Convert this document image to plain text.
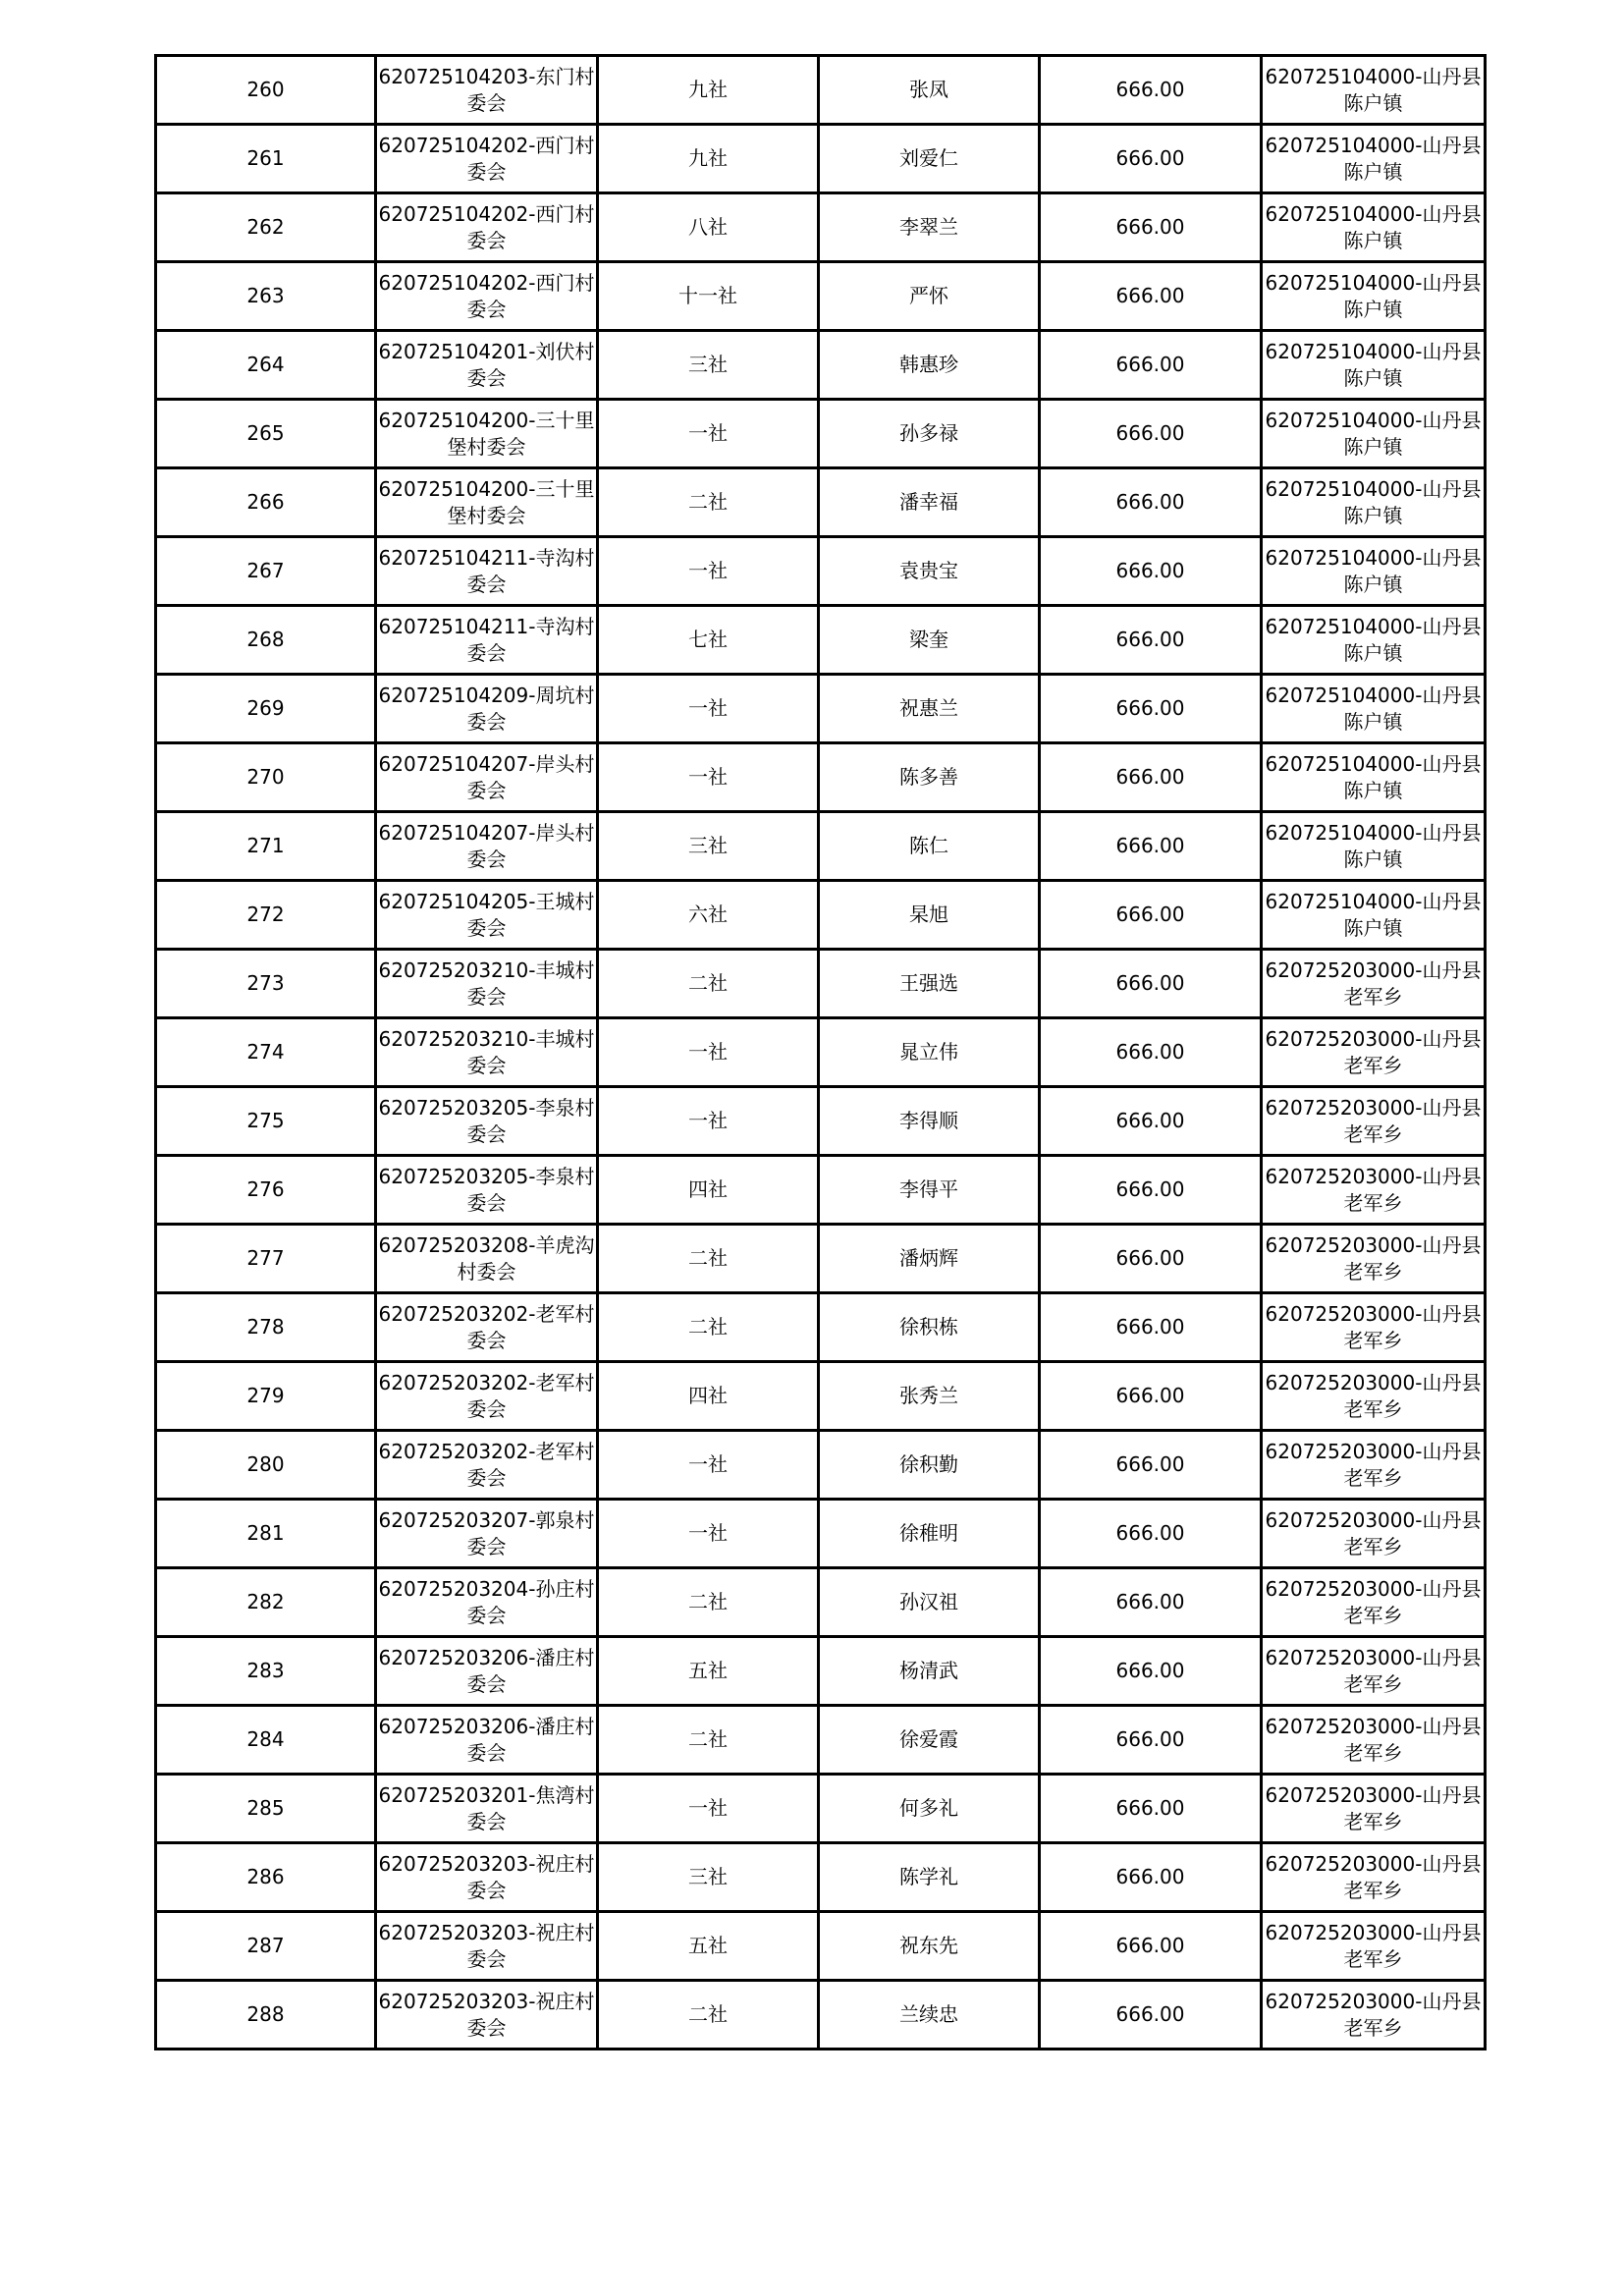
260	620725104203-东门村委会	九社	张凤	666.00	620725104000-山丹县陈户镇
261	620725104202-西门村委会	九社	刘爱仁	666.00	620725104000-山丹县陈户镇
262	620725104202-西门村委会	八社	李翠兰	666.00	620725104000-山丹县陈户镇
263	620725104202-西门村委会	十一社	严怀	666.00	620725104000-山丹县陈户镇
264	620725104201-刘伏村委会	三社	韩惠珍	666.00	620725104000-山丹县陈户镇
265	620725104200-三十里堡村委会	一社	孙多禄	666.00	620725104000-山丹县陈户镇
266	620725104200-三十里堡村委会	二社	潘幸福	666.00	620725104000-山丹县陈户镇
267	620725104211-寺沟村委会	一社	袁贵宝	666.00	620725104000-山丹县陈户镇
268	620725104211-寺沟村委会	七社	梁奎	666.00	620725104000-山丹县陈户镇
269	620725104209-周坑村委会	一社	祝惠兰	666.00	620725104000-山丹县陈户镇
270	620725104207-岸头村委会	一社	陈多善	666.00	620725104000-山丹县陈户镇
271	620725104207-岸头村委会	三社	陈仁	666.00	620725104000-山丹县陈户镇
272	620725104205-王城村委会	六社	杲旭	666.00	620725104000-山丹县陈户镇
273	620725203210-丰城村委会	二社	王强选	666.00	620725203000-山丹县老军乡
274	620725203210-丰城村委会	一社	晁立伟	666.00	620725203000-山丹县老军乡
275	620725203205-李泉村委会	一社	李得顺	666.00	620725203000-山丹县老军乡
276	620725203205-李泉村委会	四社	李得平	666.00	620725203000-山丹县老军乡
277	620725203208-羊虎沟村委会	二社	潘炳辉	666.00	620725203000-山丹县老军乡
278	620725203202-老军村委会	二社	徐积栋	666.00	620725203000-山丹县老军乡
279	620725203202-老军村委会	四社	张秀兰	666.00	620725203000-山丹县老军乡
280	620725203202-老军村委会	一社	徐积勤	666.00	620725203000-山丹县老军乡
281	620725203207-郭泉村委会	一社	徐稚明	666.00	620725203000-山丹县老军乡
282	620725203204-孙庄村委会	二社	孙汉祖	666.00	620725203000-山丹县老军乡
283	620725203206-潘庄村委会	五社	杨清武	666.00	620725203000-山丹县老军乡
284	620725203206-潘庄村委会	二社	徐爱霞	666.00	620725203000-山丹县老军乡
285	620725203201-焦湾村委会	一社	何多礼	666.00	620725203000-山丹县老军乡
286	620725203203-祝庄村委会	三社	陈学礼	666.00	620725203000-山丹县老军乡
287	620725203203-祝庄村委会	五社	祝东先	666.00	620725203000-山丹县老军乡
288	620725203203-祝庄村委会	二社	兰续忠	666.00	620725203000-山丹县老军乡
